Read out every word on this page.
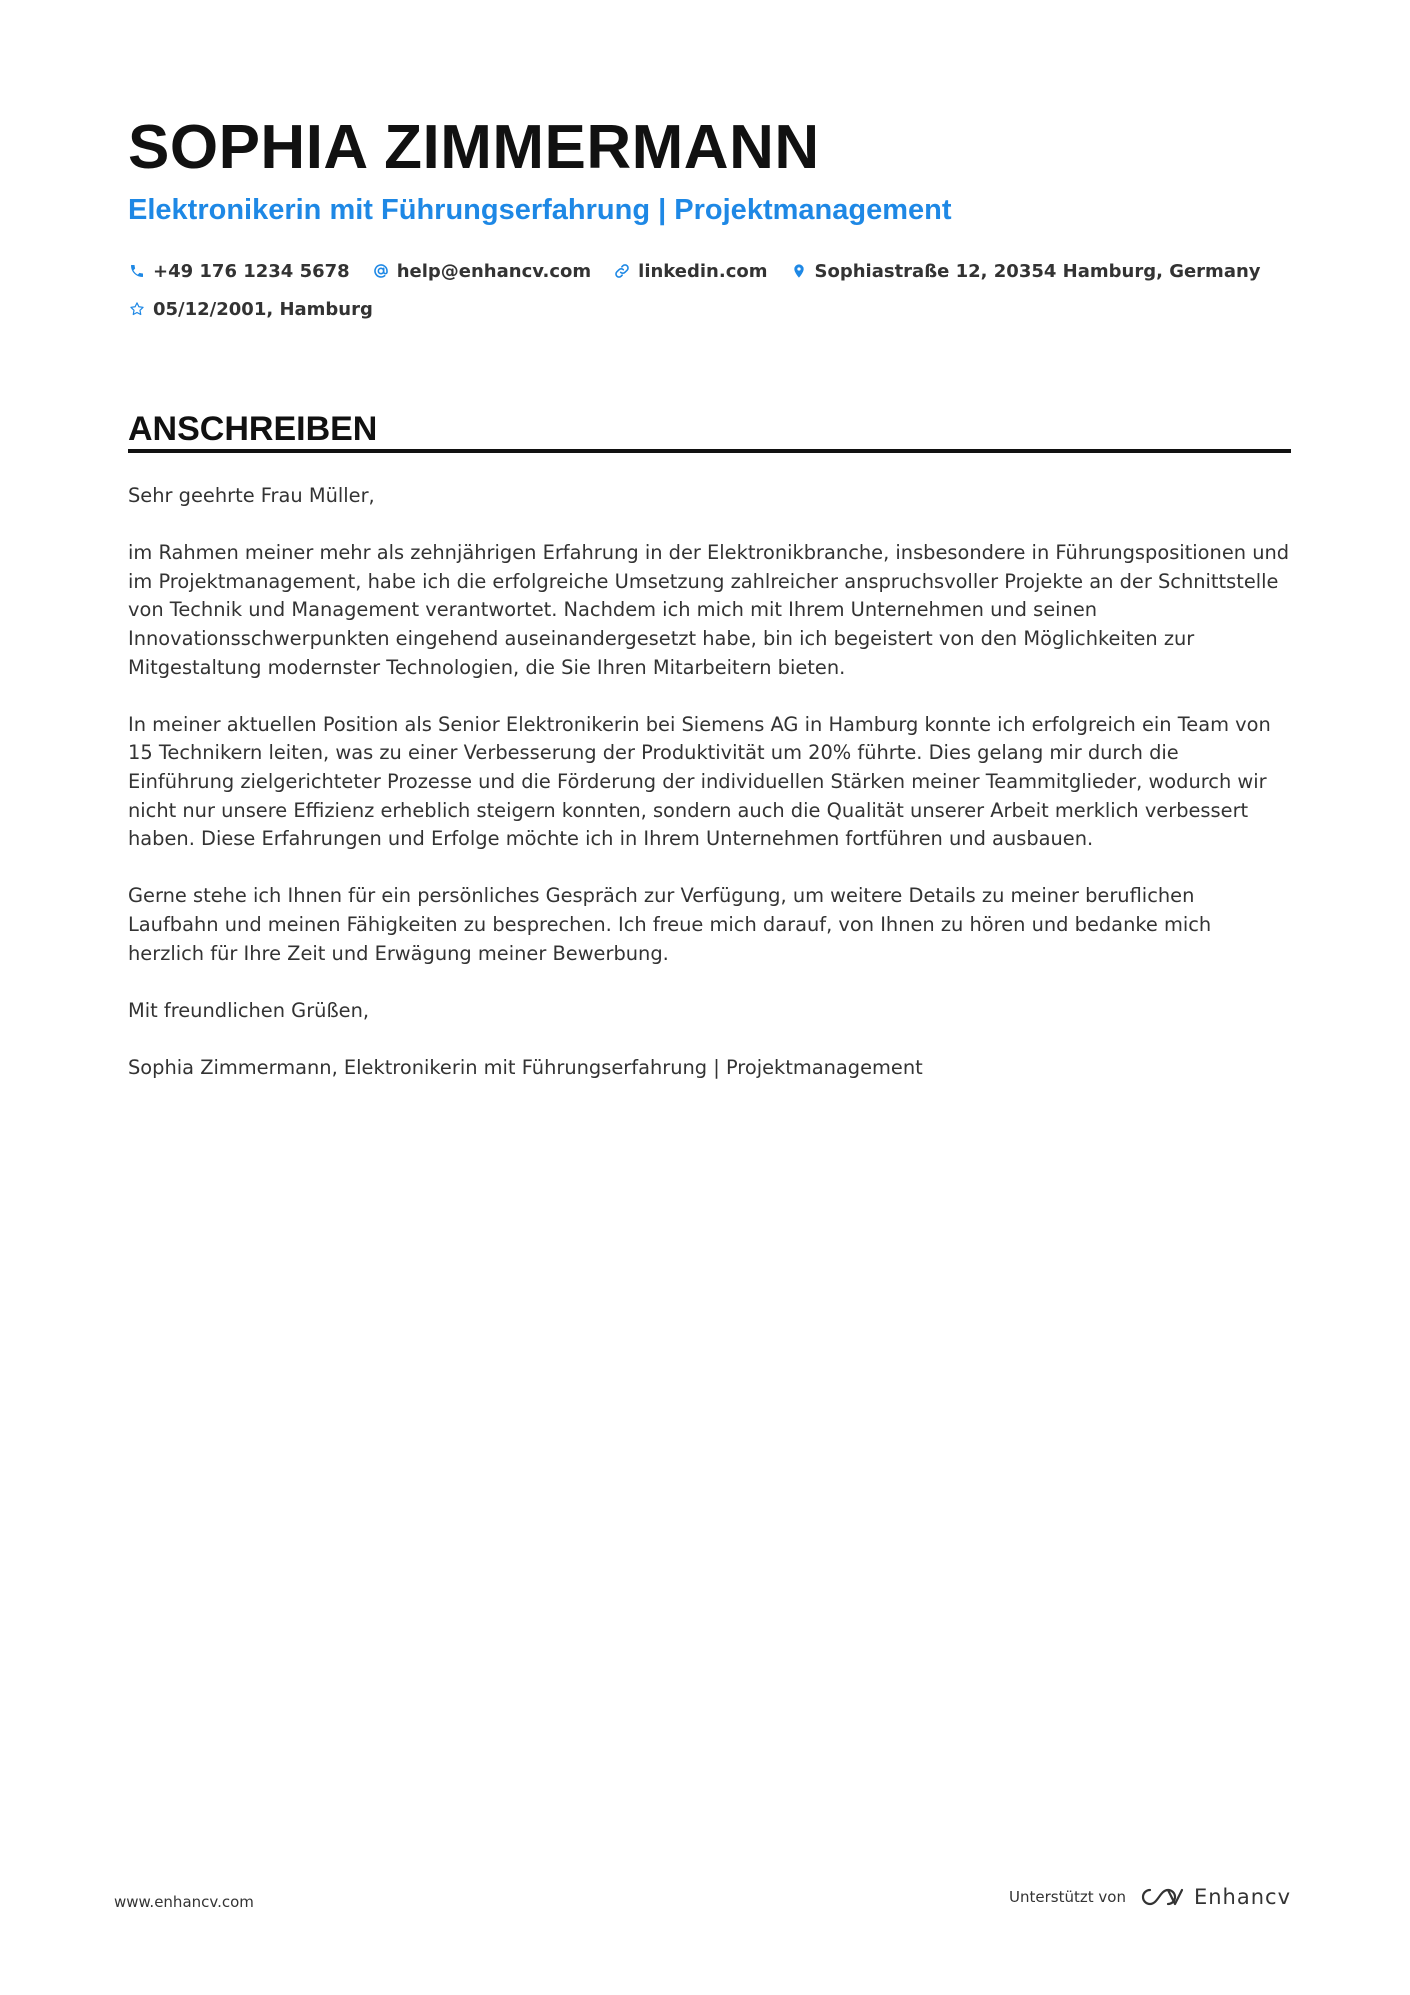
SOPHIA ZIMMERMANN
Elektronikerin mit Führungserfahrung | Projektmanagement
+49 176 1234 5678	help@enhancv.com	linkedin.com	Sophiastraße 12, 20354 Hamburg, Germany
05/12/2001, Hamburg
ANSCHREIBEN

Sehr geehrte Frau Müller,

im Rahmen meiner mehr als zehnjährigen Erfahrung in der Elektronikbranche, insbesondere in Führungspositionen und im Projektmanagement, habe ich die erfolgreiche Umsetzung zahlreicher anspruchsvoller Projekte an der Schnittstelle von Technik und Management verantwortet. Nachdem ich mich mit Ihrem Unternehmen und seinen Innovationsschwerpunkten eingehend auseinandergesetzt habe, bin ich begeistert von den Möglichkeiten zur Mitgestaltung modernster Technologien, die Sie Ihren Mitarbeitern bieten.

In meiner aktuellen Position als Senior Elektronikerin bei Siemens AG in Hamburg konnte ich erfolgreich ein Team von 15 Technikern leiten, was zu einer Verbesserung der Produktivität um 20% führte. Dies gelang mir durch die Einführung zielgerichteter Prozesse und die Förderung der individuellen Stärken meiner Teammitglieder, wodurch wir nicht nur unsere Effizienz erheblich steigern konnten, sondern auch die Qualität unserer Arbeit merklich verbessert haben. Diese Erfahrungen und Erfolge möchte ich in Ihrem Unternehmen fortführen und ausbauen.

Gerne stehe ich Ihnen für ein persönliches Gespräch zur Verfügung, um weitere Details zu meiner beruflichen Laufbahn und meinen Fähigkeiten zu besprechen. Ich freue mich darauf, von Ihnen zu hören und bedanke mich herzlich für Ihre Zeit und Erwägung meiner Bewerbung.

Mit freundlichen Grüßen,

Sophia Zimmermann, Elektronikerin mit Führungserfahrung | Projektmanagement

www.enhancv.com	Unterstützt von	Enhancv
